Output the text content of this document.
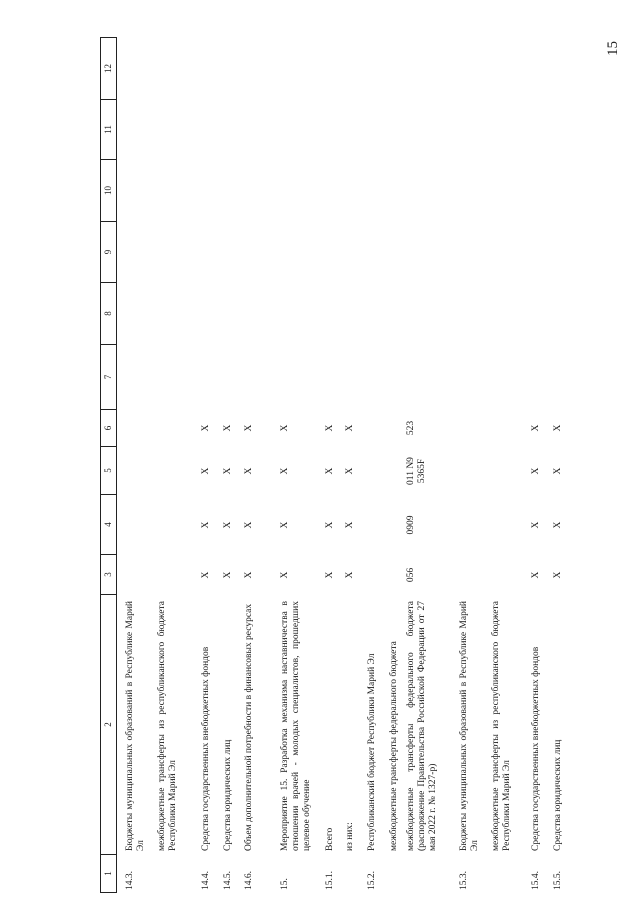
15
1
2
3
4
5
6
7
8
9
10
11
12
14.3.
Бюджеты муниципальных образований в Республике Марий Эл межбюджетные трансферты из республиканского бюджета Республики Марий Эл
14.4.
Средства государственных внебюджетных фондов
X
X
X
X
14.5.
Средства юридических лиц
X
X
X
X
14.6.
Объем дополнительной потребности в финансовых ресурсах
X
X
X
X
15.
Мероприятие 15. Разработка механизма наставничества в отношении врачей - молодых специалистов, прошедших целевое обучение
X
X
X
X
15.1.
Всего
X
X
X
X
из них:
X
X
X
X
15.2.
Республиканский бюджет Республики Марий Эл межбюджетные трансферты федерального бюджета межбюджетные трансферты федерального бюджета (распоряжение Правительства Российской Федерации от 27 мая 2022 г. № 1327-р)
056
0909
011 N9 5365F
523
15.3.
Бюджеты муниципальных образований в Республике Марий Эл межбюджетные трансферты из республиканского бюджета Республики Марий Эл
15.4.
Средства государственных внебюджетных фондов
X
X
X
X
15.5.
Средства юридических лиц
X
X
X
X
